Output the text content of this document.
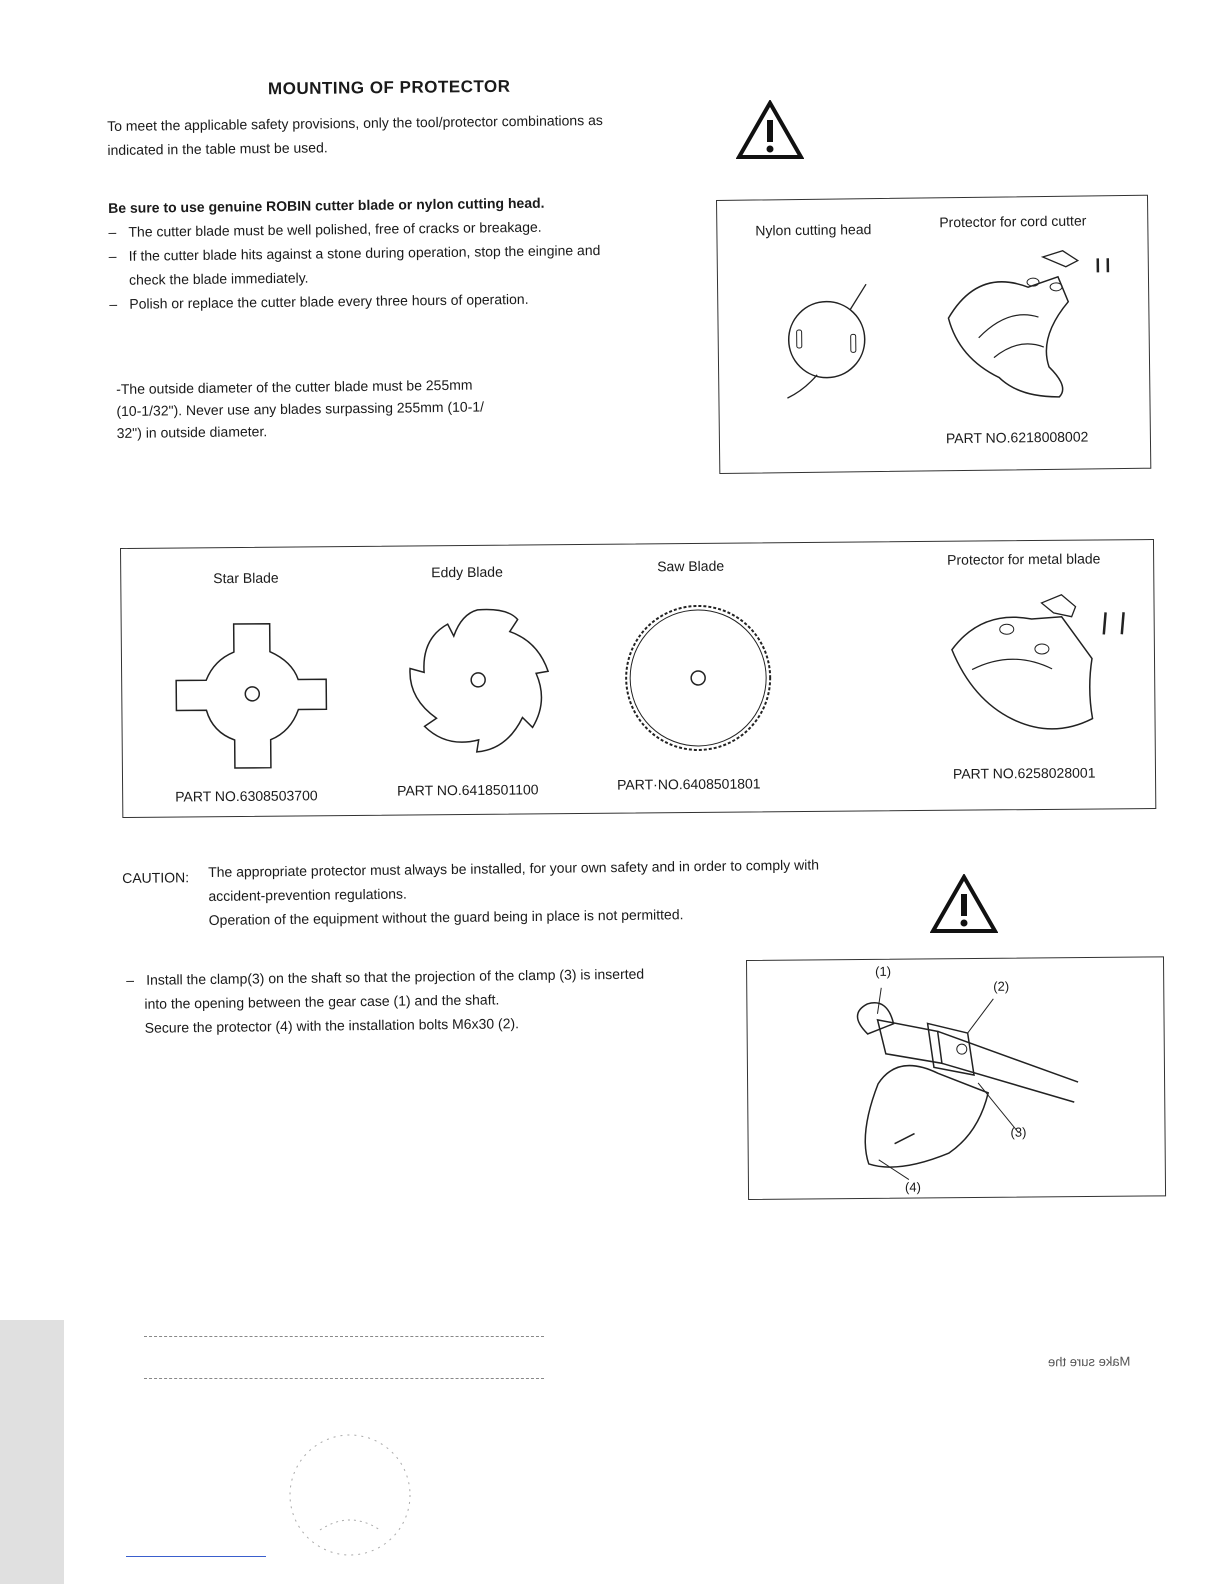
MOUNTING OF PROTECTOR
To meet the applicable safety provisions, only the tool/protector combinations as
indicated in the table must be used.
Be sure to use genuine ROBIN cutter blade or nylon cutting head.
– The cutter blade must be well polished, free of cracks or breakage.
– If the cutter blade hits against a stone during operation, stop the eingine and
check the blade immediately.
– Polish or replace the cutter blade every three hours of operation.
-The outside diameter of the cutter blade must be 255mm
(10-1/32"). Never use any blades surpassing 255mm (10-1/
32") in outside diameter.
Nylon cutting head	Protector for cord cutter
PART NO.6218008002
Star Blade	Eddy Blade	Saw Blade	Protector for metal blade
PART NO.6308503700	PART NO.6418501100	PART·NO.6408501801
PART NO.6258028001
CAUTION: The appropriate protector must always be installed, for your own safety and in order to comply with
accident-prevention regulations.
Operation of the equipment without the guard being in place is not permitted.
– Install the clamp(3) on the shaft so that the projection of the clamp (3) is inserted
into the opening between the gear case (1) and the shaft.
Secure the protector (4) with the installation bolts M6x30 (2).
(1)
(2)
(3)
(4)
Make sure the
